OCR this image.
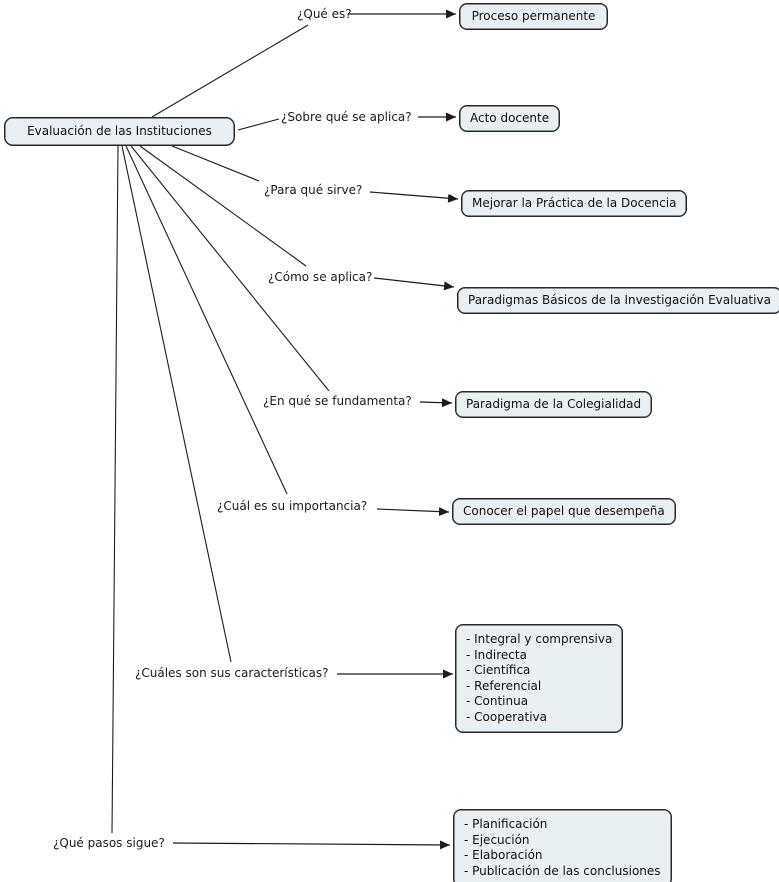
Evaluación de las Instituciones
¿Qué es?
¿Sobre qué se aplica?
¿Para qué sirve?
¿Cómo se aplica?
¿En qué se fundamenta?
¿Cuál es su importancia?
¿Cuáles son sus características?
¿Qué pasos sigue?
Proceso permanente
Acto docente
Mejorar la Práctica de la Docencia
Paradigmas Básicos de la Investigación Evaluativa
Paradigma de la Colegialidad
Conocer el papel que desempeña
- Integral y comprensiva
- Indirecta
- Científica
- Referencial
- Continua
- Cooperativa
- Planificación
- Ejecución
- Elaboración
- Publicación de las conclusiones
